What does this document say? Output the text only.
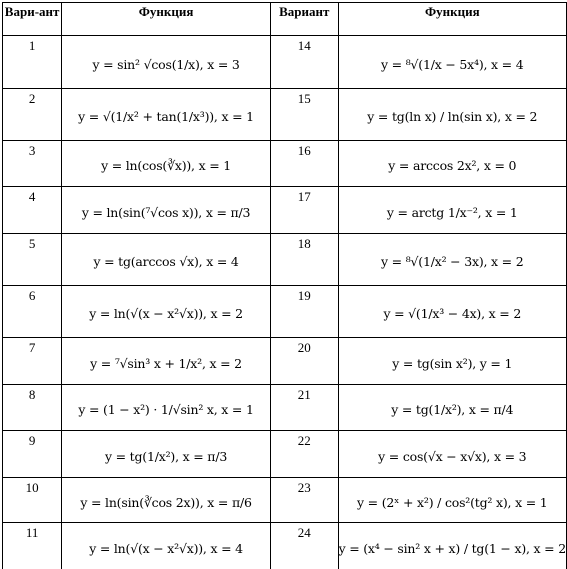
Вари-ант	Функция	Вариант	Функция
1	y = sin² √cos(1/x), x = 3	14	y = ⁸√(1/x − 5x⁴), x = 4
2	y = √(1/x² + tan(1/x³)), x = 1	15	y = tg(ln x) / ln(sin x), x = 2
3	y = ln(cos(∛x)), x = 1	16	y = arccos 2x², x = 0
4	y = ln(sin(⁷√cos x)), x = π/3	17	y = arctg 1/x⁻², x = 1
5	y = tg(arccos √x), x = 4	18	y = ⁸√(1/x² − 3x), x = 2
6	y = ln(√(x − x²√x)), x = 2	19	y = √(1/x³ − 4x), x = 2
7	y = ⁷√sin³ x + 1/x², x = 2	20	y = tg(sin x²), y = 1
8	y = (1 − x²) · 1/√sin² x, x = 1	21	y = tg(1/x²), x = π/4
9	y = tg(1/x²), x = π/3	22	y = cos(√x − x√x), x = 3
10	y = ln(sin(∛cos 2x)), x = π/6	23	y = (2ˣ + x²) / cos²(tg² x), x = 1
11	y = ln(√(x − x²√x)), x = 4	24	y = (x⁴ − sin² x + x) / tg(1 − x), x = 2
